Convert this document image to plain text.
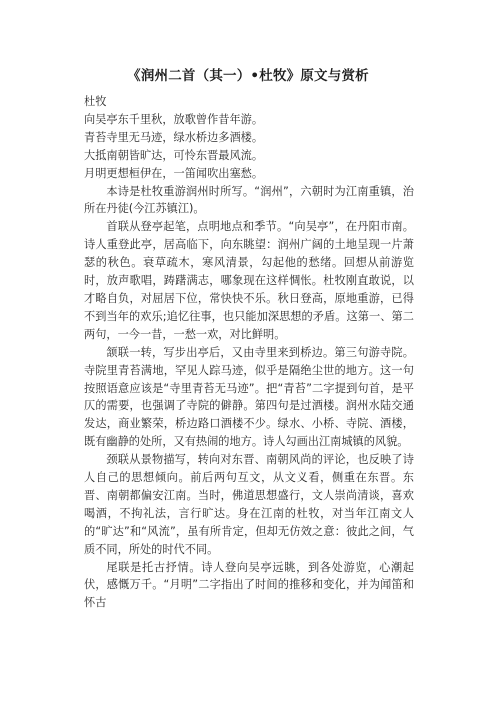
《润州二首（其一）•杜牧》原文与赏析

杜牧

向吴亭东千里秋，放歌曾作昔年游。

青苔寺里无马迹，绿水桥边多酒楼。

大抵南朝皆旷达，可怜东晋最风流。

月明更想桓伊在，一笛闻吹出塞愁。

本诗是杜牧重游润州时所写。“润州”，六朝时为江南重镇，治所在丹徒(今江苏镇江)。

首联从登亭起笔，点明地点和季节。“向吴亭”，在丹阳市南。诗人重登此亭，居高临下，向东眺望：润州广阔的土地呈现一片萧瑟的秋色。衰草疏木，寒风清景，勾起他的愁绪。回想从前游览时，放声歌唱，踌躇满志，哪象现在这样惆怅。杜牧刚直敢说，以才略自负，对屈居下位，常快快不乐。秋日登高，原地重游，已得不到当年的欢乐;追忆往事，也只能加深思想的矛盾。这第一、第二两句，一今一昔，一愁一欢，对比鲜明。

颔联一转，写步出亭后，又由寺里来到桥边。第三句游寺院。寺院里青苔满地，罕见人踪马迹，似乎是隔绝尘世的地方。这一句按照语意应该是“寺里青苔无马迹”。把“青苔”二字提到句首，是平仄的需要，也强调了寺院的僻静。第四句是过酒楼。润州水陆交通发达，商业繁荣，桥边路口酒楼不少。绿水、小桥、寺院、酒楼，既有幽静的处所，又有热闹的地方。诗人勾画出江南城镇的风貌。

颈联从景物描写，转向对东晋、南朝风尚的评论，也反映了诗人自己的思想倾向。前后两句互文，从文义看，侧重在东晋。东晋、南朝都偏安江南。当时，佛道思想盛行，文人崇尚清谈，喜欢喝酒，不拘礼法，言行旷达。身在江南的杜牧，对当年江南文人的“旷达”和“风流”，虽有所肯定，但却无仿效之意：彼此之间，气质不同，所处的时代不同。

尾联是托古抒情。诗人登向吴亭远眺，到各处游览，心潮起伏，感慨万千。“月明”二字指出了时间的推移和变化，并为闻笛和怀古
